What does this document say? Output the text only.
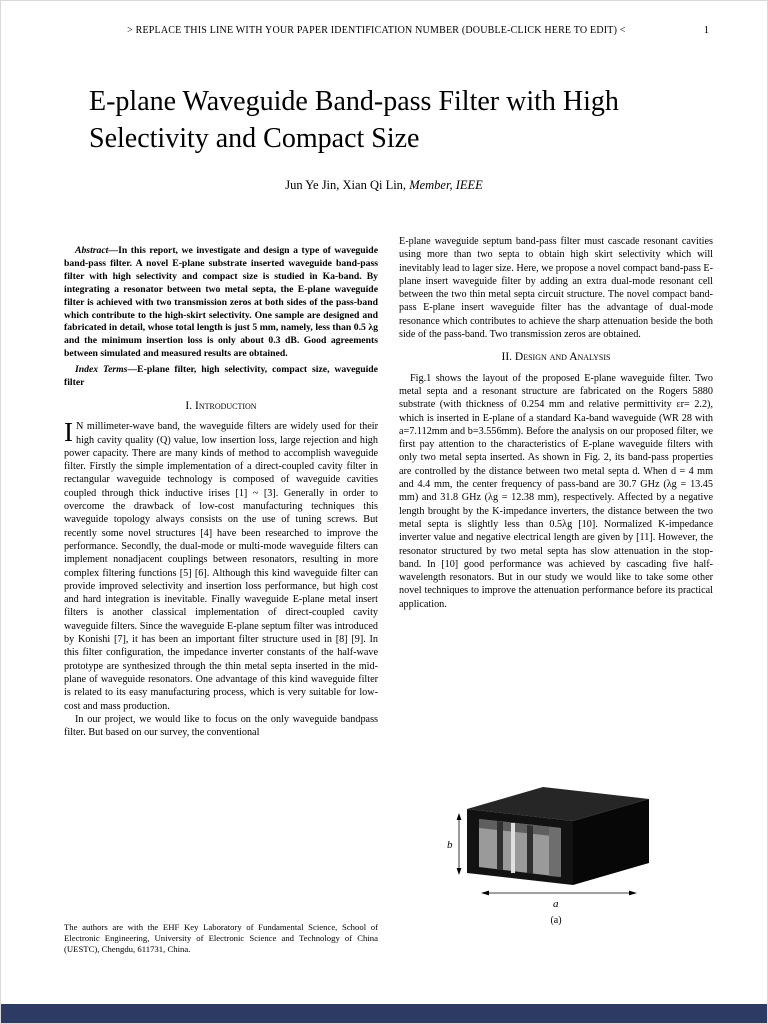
> REPLACE THIS LINE WITH YOUR PAPER IDENTIFICATION NUMBER (DOUBLE-CLICK HERE TO EDIT) <	1
E-plane Waveguide Band-pass Filter with High
Selectivity and Compact Size
Jun Ye Jin, Xian Qi Lin, Member, IEEE

Abstract—In this report, we investigate and design a type of waveguide band-pass filter. A novel E-plane substrate inserted waveguide band-pass filter with high selectivity and compact size is studied in Ka-band. By integrating a resonator between two metal septa, the E-plane waveguide filter is achieved with two transmission zeros at both sides of the pass-band which contribute to the high-skirt selectivity. One sample are designed and fabricated in detail, whose total length is just 5 mm, namely, less than 0.5 λg and the minimum insertion loss is only about 0.3 dB. Good agreements between simulated and measured results are obtained.

Index Terms—E-plane filter, high selectivity, compact size, waveguide filter

I. Introduction

I N millimeter-wave band, the waveguide filters are widely used for their high cavity quality (Q) value, low insertion loss, large rejection and high power capacity. There are many kinds of method to accomplish waveguide filter. Firstly the simple implementation of a direct-coupled cavity filter in rectangular waveguide technology is composed of waveguide cavities coupled through thick inductive irises [1] ~ [3]. Generally in order to overcome the drawback of low-cost manufacturing techniques this waveguide topology always consists on the use of tuning screws. But recently some novel structures [4] have been researched to improve the performance. Secondly, the dual-mode or multi-mode waveguide filters can implement nonadjacent couplings between resonators, resulting in more complex filtering functions [5] [6]. Although this kind waveguide filter can provide improved selectivity and insertion loss performance, but high cost and hard integration is inevitable. Finally waveguide E-plane metal insert filters is another classical implementation of direct-coupled cavity waveguide filters. Since the waveguide E-plane septum filter was introduced by Konishi [7], it has been an important filter structure used in [8] [9]. In this filter configuration, the impedance inverter constants of the half-wave prototype are synthesized through the thin metal septa inserted in the mid-plane of waveguide resonators. One advantage of this kind waveguide filter is related to its easy manufacturing process, which is very suitable for low-cost and mass production.

In our project, we would like to focus on the only waveguide bandpass filter. But based on our survey, the conventional

E-plane waveguide septum band-pass filter must cascade resonant cavities using more than two septa to obtain high skirt selectivity which will inevitably lead to lager size. Here, we propose a novel compact band-pass E-plane insert waveguide filter by adding an extra dual-mode resonant cell between the two thin metal septa circuit structure. The novel compact band-pass E-plane insert waveguide filter has the advantage of dual-mode resonance which contributes to achieve the sharp attenuation beside the both side of the pass-band. Two transmission zeros are obtained.

II. Design and Analysis

Fig.1 shows the layout of the proposed E-plane waveguide filter. Two metal septa and a resonant structure are fabricated on the Rogers 5880 substrate (with thickness of 0.254 mm and relative permittivity εr= 2.2), which is inserted in E-plane of a standard Ka-band waveguide (WR 28 with a=7.112mm and b=3.556mm). Before the analysis on our proposed filter, we first pay attention to the characteristics of E-plane waveguide filters with only two metal septa inserted. As shown in Fig. 2, its band-pass properties are controlled by the distance between two metal septa d. When d = 4 mm and 4.4 mm, the center frequency of pass-band are 30.7 GHz (λg = 13.45 mm) and 31.8 GHz (λg = 12.38 mm), respectively. Affected by a negative length brought by the K-impedance inverters, the distance between the two metal septa is slightly less than 0.5λg [10]. Normalized K-impedance inverter value and negative electrical length are given by [11]. However, the resonator structured by two metal septa has slow attenuation in the stop-band. In [10] good performance was achieved by cascading five half-wavelength resonators. But in our study we would like to take some other novel techniques to improve the attenuation performance before its practical application.

The authors are with the EHF Key Laboratory of Fundamental Science, School of Electronic Engineering, University of Electronic Science and Technology of China (UESTC), Chengdu, 611731, China.
b
a
(a)
